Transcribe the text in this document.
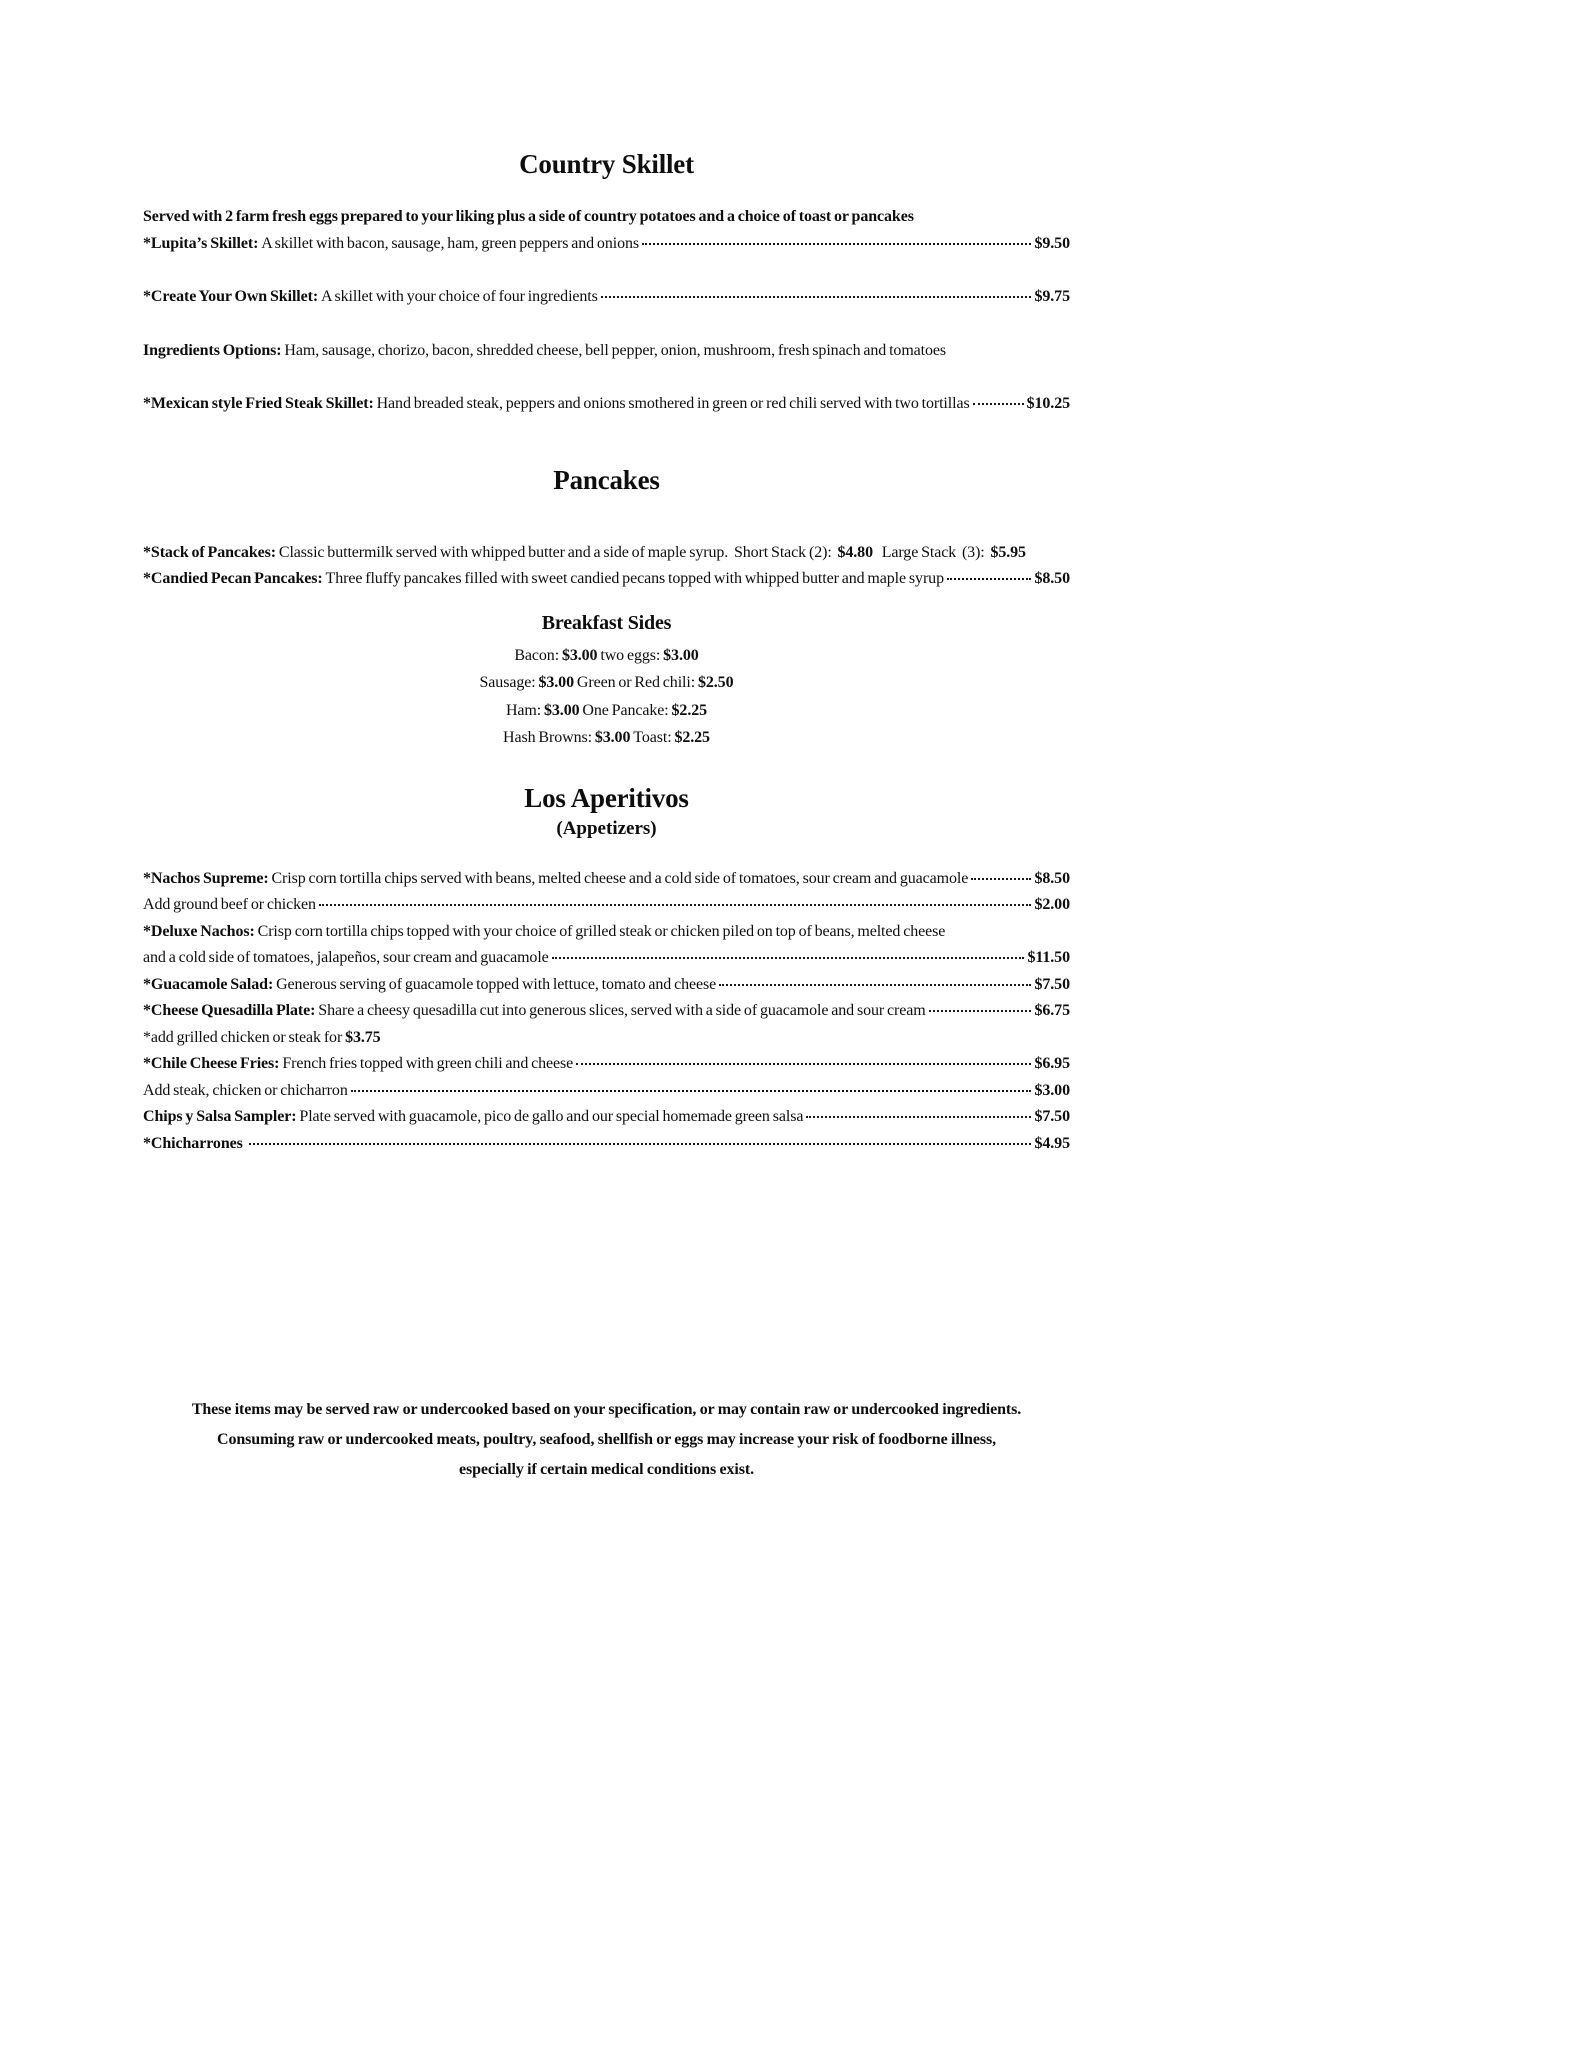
Country Skillet
Served with 2 farm fresh eggs prepared to your liking plus a side of country potatoes and a choice of toast or pancakes
*Lupita’s Skillet: A skillet with bacon, sausage, ham, green peppers and onions	$9.50
*Create Your Own Skillet: A skillet with your choice of four ingredients	$9.75
Ingredients Options: Ham, sausage, chorizo, bacon, shredded cheese, bell pepper, onion, mushroom, fresh spinach and tomatoes
*Mexican style Fried Steak Skillet: Hand breaded steak, peppers and onions smothered in green or red chili served with two tortillas	$10.25
Pancakes
*Stack of Pancakes: Classic buttermilk served with whipped butter and a side of maple syrup.  Short Stack (2): $4.80 Large Stack  (3): $5.95
*Candied Pecan Pancakes: Three fluffy pancakes filled with sweet candied pecans topped with whipped butter and maple syrup	$8.50
Breakfast Sides
Bacon: $3.00 two eggs: $3.00
Sausage: $3.00 Green or Red chili: $2.50
Ham: $3.00 One Pancake: $2.25
Hash Browns: $3.00 Toast: $2.25
Los Aperitivos
(Appetizers)
*Nachos Supreme: Crisp corn tortilla chips served with beans, melted cheese and a cold side of tomatoes, sour cream and guacamole	$8.50
Add ground beef or chicken	$2.00
*Deluxe Nachos: Crisp corn tortilla chips topped with your choice of grilled steak or chicken piled on top of beans, melted cheese
and a cold side of tomatoes, jalapeños, sour cream and guacamole	$11.50
*Guacamole Salad: Generous serving of guacamole topped with lettuce, tomato and cheese	$7.50
*Cheese Quesadilla Plate: Share a cheesy quesadilla cut into generous slices, served with a side of guacamole and sour cream	$6.75
*add grilled chicken or steak for $3.75
*Chile Cheese Fries: French fries topped with green chili and cheese	$6.95
Add steak, chicken or chicharron	$3.00
Chips y Salsa Sampler: Plate served with guacamole, pico de gallo and our special homemade green salsa	$7.50
*Chicharrones	$4.95
These items may be served raw or undercooked based on your specification, or may contain raw or undercooked ingredients.
Consuming raw or undercooked meats, poultry, seafood, shellfish or eggs may increase your risk of foodborne illness,
especially if certain medical conditions exist.
